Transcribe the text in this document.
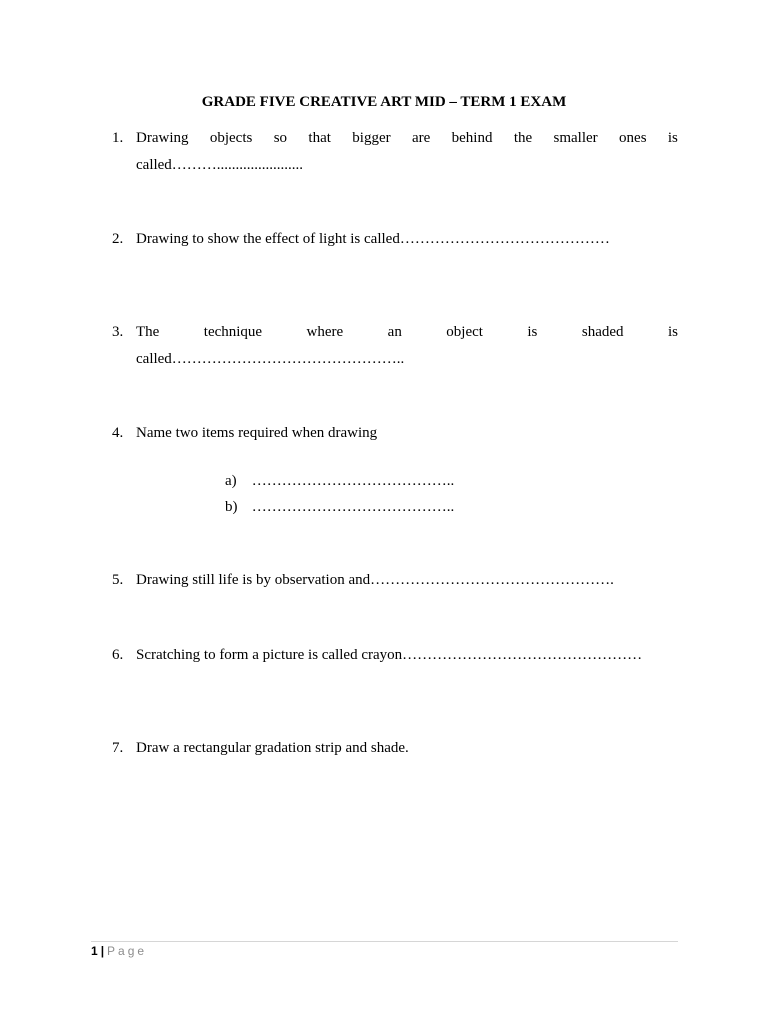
GRADE FIVE CREATIVE ART MID – TERM 1 EXAM
1. Drawing objects so that bigger are behind the smaller ones is
called……….......................
2. Drawing to show the effect of light is called……………………………………
3. The	technique	where	an	object	is	shaded	is
called………………………………………..
4. Name two items required when drawing
a) …………………………………..
b) …………………………………..
5. Drawing still life is by observation and………………………………………….
6. Scratching to form a picture is called crayon…………………………………………
7. Draw a rectangular gradation strip and shade.
1 | Page
